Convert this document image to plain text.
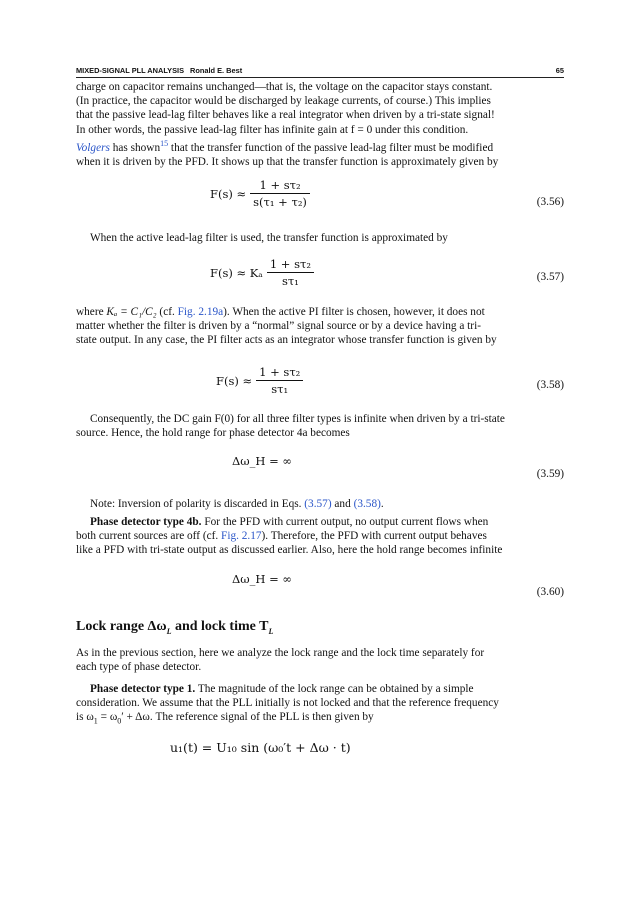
MIXED-SIGNAL PLL ANALYSIS Ronald E. Best	65
charge on capacitor remains unchanged—that is, the voltage on the capacitor stays constant.
(In practice, the capacitor would be discharged by leakage currents, of course.) This implies
that the passive lead-lag filter behaves like a real integrator when driven by a tri-state signal!
In other words, the passive lead-lag filter has infinite gain at f = 0 under this condition.
Volgers has shown$^{15}$ that the transfer function of the passive lead-lag filter must be modified
when it is driven by the PFD. It shows up that the transfer function is approximately given by
$F(s) \approx \frac{\text{1 + sτ₂}}{\text{s(τ₁ + τ₂)}}$	(3.56)
When the active lead-lag filter is used, the transfer function is approximated by
F(s) ≈ Kₐ $\frac{\text{1 + sτ₂}}{\text{sτ₁}}$	(3.57)
where Kₐ = C₁/C₂ (cf. Fig. 2.19a). When the active PI filter is chosen, however, it does not
matter whether the filter is driven by a “normal” signal source or by a device having a tri-
state output. In any case, the PI filter acts as an integrator whose transfer function is given by
$F(s) \approx \frac{\text{1 + sτ₂}}{\text{sτ₁}}$	(3.58)
Consequently, the DC gain F(0) for all three filter types is infinite when driven by a tri-state
source. Hence, the hold range for phase detector 4a becomes
Δω_H = ∞
(3.59)
Note: Inversion of polarity is discarded in Eqs. (3.57) and (3.58).
Phase detector type 4b. For the PFD with current output, no output current flows when
both current sources are off (cf. Fig. 2.17). Therefore, the PFD with current output behaves
like a PFD with tri-state output as discussed earlier. Also, here the hold range becomes infinite
Δω_H = ∞
(3.60)
Lock range $\Delta\omega_L$ and lock time $T_L$
As in the previous section, here we analyze the lock range and the lock time separately for
each type of phase detector.
Phase detector type 1. The magnitude of the lock range can be obtained by a simple
consideration. We assume that the PLL initially is not locked and that the reference frequency
is $\omega_1 = \omega_0' + \Delta\omega$. The reference signal of the PLL is then given by
u₁(t) = U₁₀ sin (ω₀′t + Δω · t)
